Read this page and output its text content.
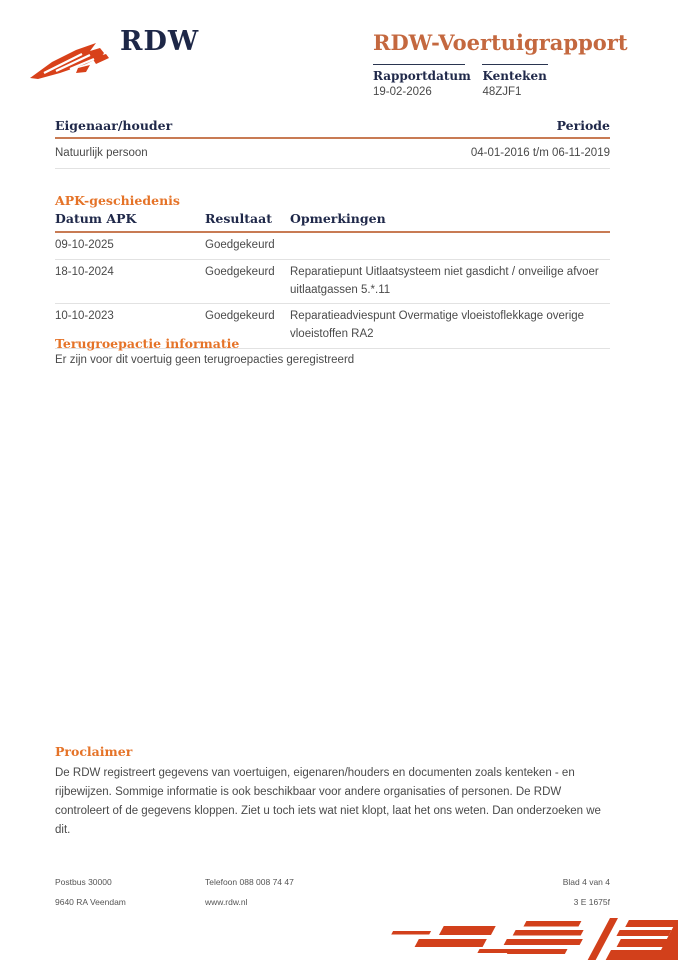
RDW	RDW-Voertuigrapport
Rapportdatum
19-02-2026

Kenteken
48ZJF1
Eigenaar/houder	Periode
Natuurlijk persoon	04-01-2016 t/m 06-11-2019
APK-geschiedenis
Datum APK	Resultaat	Opmerkingen
09-10-2025	Goedgekeurd	
18-10-2024	Goedgekeurd	Reparatiepunt Uitlaatsysteem niet gasdicht / onveilige afvoer uitlaatgassen 5.*.11
10-10-2023	Goedgekeurd	Reparatieadviespunt Overmatige vloeistoflekkage overige vloeistoffen RA2
Terugroepactie informatie
Er zijn voor dit voertuig geen terugroepacties geregistreerd
Proclaimer
De RDW registreert gegevens van voertuigen, eigenaren/houders en documenten zoals kenteken - en rijbewijzen. Sommige informatie is ook beschikbaar voor andere organisaties of personen. De RDW controleert of de gegevens kloppen. Ziet u toch iets wat niet klopt, laat het ons weten. Dan onderzoeken we dit.
Postbus 30000	Telefoon 088 008 74 47	Blad 4 van 4
9640 RA Veendam	www.rdw.nl	3 E 1675f
